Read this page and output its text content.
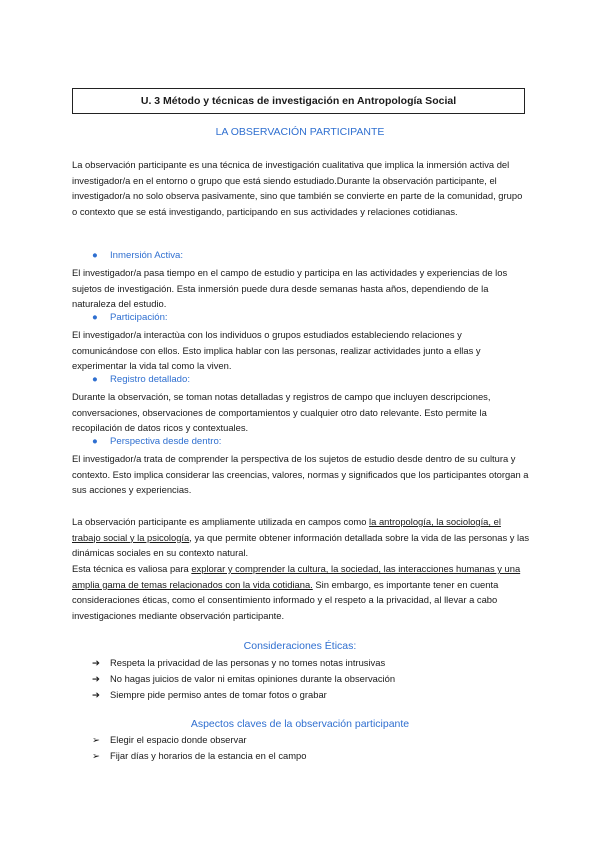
U. 3 Método y técnicas de investigación en Antropología Social
LA OBSERVACIÓN PARTICIPANTE

La observación participante es una técnica de investigación cualitativa que implica la inmersión activa del investigador/a en el entorno o grupo que está siendo estudiado.Durante la observación participante, el investigador/a no solo observa pasivamente, sino que también se convierte en parte de la comunidad, grupo o contexto que se está investigando, participando en sus actividades y relaciones cotidianas.

● Inmersión Activa:

El investigador/a pasa tiempo en el campo de estudio y participa en las actividades y experiencias de los sujetos de investigación. Esta inmersión puede dura desde semanas hasta años, dependiendo de la naturaleza del estudio.

● Participación:

El investigador/a interactùa con los individuos o grupos estudiados estableciendo relaciones y comunicándose con ellos. Esto implica hablar con las personas, realizar actividades junto a ellas y experimentar la vida tal como la viven.

● Registro detallado:

Durante la observación, se toman notas detalladas y registros de campo que incluyen descripciones, conversaciones, observaciones de comportamientos y cualquier otro dato relevante. Esto permite la recopilación de datos ricos y contextuales.

● Perspectiva desde dentro:

El investigador/a trata de comprender la perspectiva de los sujetos de estudio desde dentro de su cultura y contexto. Esto implica considerar las creencias, valores, normas y significados que los participantes otorgan a sus acciones y experiencias.

La observación participante es ampliamente utilizada en campos como la antropología, la sociología, el trabajo social y la psicología, ya que permite obtener información detallada sobre la vida de las personas y las dinámicas sociales en su contexto natural.

Esta técnica es valiosa para explorar y comprender la cultura, la sociedad, las interacciones humanas y una amplia gama de temas relacionados con la vida cotidiana. Sin embargo, es importante tener en cuenta consideraciones éticas, como el consentimiento informado y el respeto a la privacidad, al llevar a cabo investigaciones mediante observación participante.

Consideraciones Éticas:
➔ Respeta la privacidad de las personas y no tomes notas intrusivas
➔ No hagas juicios de valor ni emitas opiniones durante la observación
➔ Siempre pide permiso antes de tomar fotos o grabar
Aspectos claves de la observación participante
➢ Elegir el espacio donde observar
➢ Fijar días y horarios de la estancia en el campo
